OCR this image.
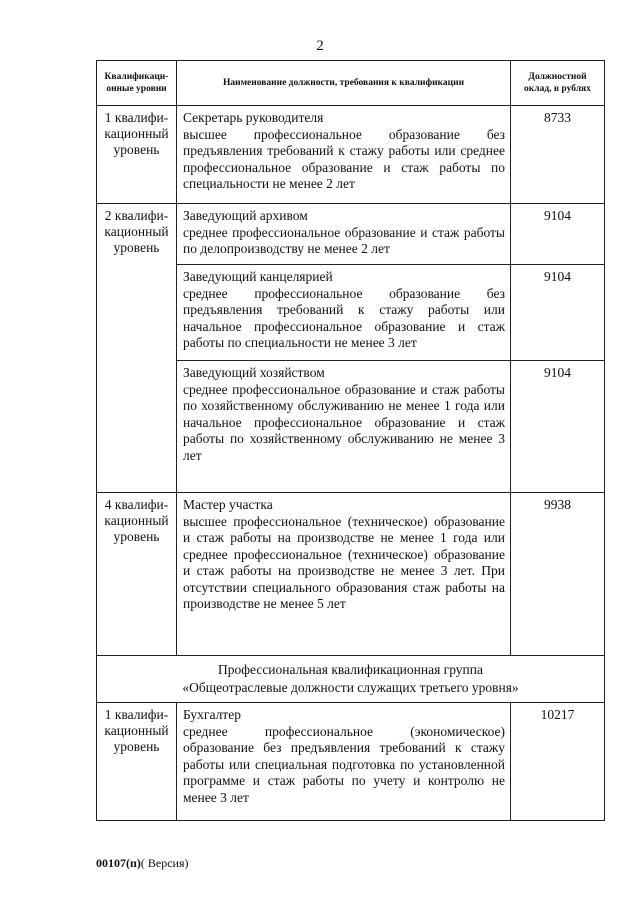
2
Квалификаци-онные уровни	Наименование должности, требования к квалификации	Должностной оклад, в рублях

1 квалифи-кационный уровень	Секретарь руководителя
высшее профессиональное образование без предъявления требований к стажу работы или среднее профессиональное образование и стаж работы по специальности не менее 2 лет	8733

2 квалифи-кационный уровень	Заведующий архивом
среднее профессиональное образование и стаж работы по делопроизводству не менее 2 лет	9104

	Заведующий канцелярией
среднее профессиональное образование без предъявления требований к стажу работы или начальное профессиональное образование и стаж работы по специальности не менее 3 лет	9104

	Заведующий хозяйством
среднее профессиональное образование и стаж работы по хозяйственному обслуживанию не менее 1 года или начальное профессиональное образование и стаж работы по хозяйственному обслуживанию не менее 3 лет	9104

4 квалифи-кационный уровень	Мастер участка
высшее профессиональное (техническое) образование и стаж работы на производстве не менее 1 года или среднее профессиональное (техническое) образование и стаж работы на производстве не менее 3 лет. При отсутствии специального образования стаж работы на производстве не менее 5 лет	9938

Профессиональная квалификационная группа
«Общеотраслевые должности служащих третьего уровня»		

1 квалифи-кационный уровень	Бухгалтер
среднее профессиональное (экономическое) образование без предъявления требований к стажу работы или специальная подготовка по установленной программе и стаж работы по учету и контролю не менее 3 лет	10217
00107(п)( Версия)
